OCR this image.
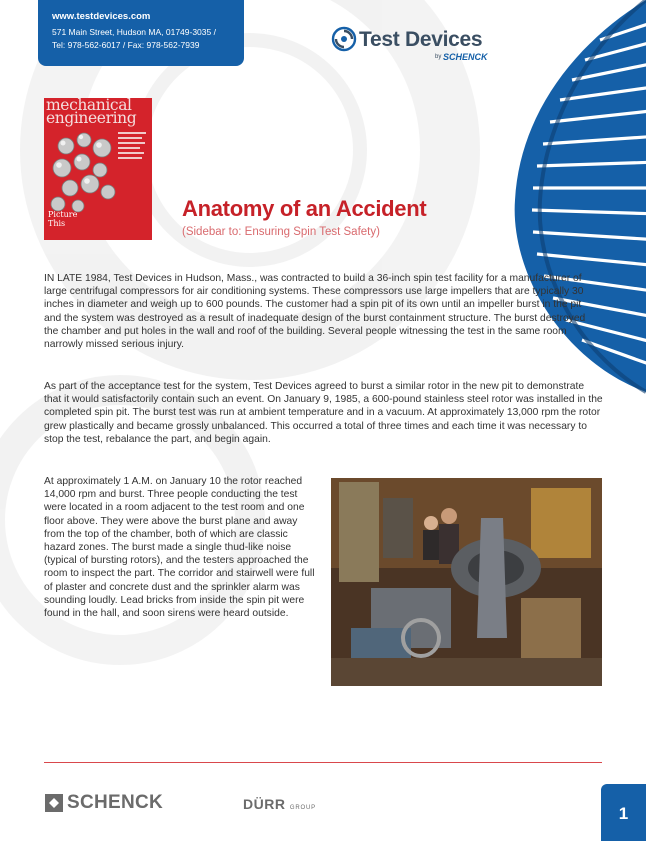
www.testdevices.com
571 Main Street, Hudson MA, 01749-3035 /
Tel: 978-562-6017 / Fax: 978-562-7939	Test Devices
by SCHENCK
mechanical
engineering
Picture
This
Anatomy of an Accident
(Sidebar to: Ensuring Spin Test Safety)

IN LATE 1984, Test Devices in Hudson, Mass., was contracted to build a 36-inch spin test facility for a manufacturer of large centrifugal compressors for air conditioning systems. These compressors use large impellers that are typically 30 inches in diameter and weigh up to 600 pounds. The customer had a spin pit of its own until an impeller burst in the pit and the system was destroyed as a result of inadequate design of the burst containment structure. The burst destroyed the chamber and put holes in the wall and roof of the building. Several people witnessing the test in the same room narrowly missed serious injury.

As part of the acceptance test for the system, Test Devices agreed to burst a similar rotor in the new pit to demonstrate that it would satisfactorily contain such an event. On January 9, 1985, a 600-pound stainless steel rotor was installed in the completed spin pit. The burst test was run at ambient temperature and in a vacuum. At approximately 13,000 rpm the rotor grew plastically and became grossly unbalanced. This occurred a total of three times and each time it was necessary to stop the test, rebalance the part, and begin again.

At approximately 1 A.M. on January 10 the rotor reached 14,000 rpm and burst. Three people conducting the test were located in a room adjacent to the test room and one floor above. They were above the burst plane and away from the top of the chamber, both of which are classic hazard zones. The burst made a single thud-like noise (typical of bursting rotors), and the testers approached the room to inspect the part. The corridor and stairwell were full of plaster and concrete dust and the sprinkler alarm was sounding loudly. Lead bricks from inside the spin pit were found in the hall, and soon sirens were heard outside.

SCHENCK	DÜRR GROUP	1
